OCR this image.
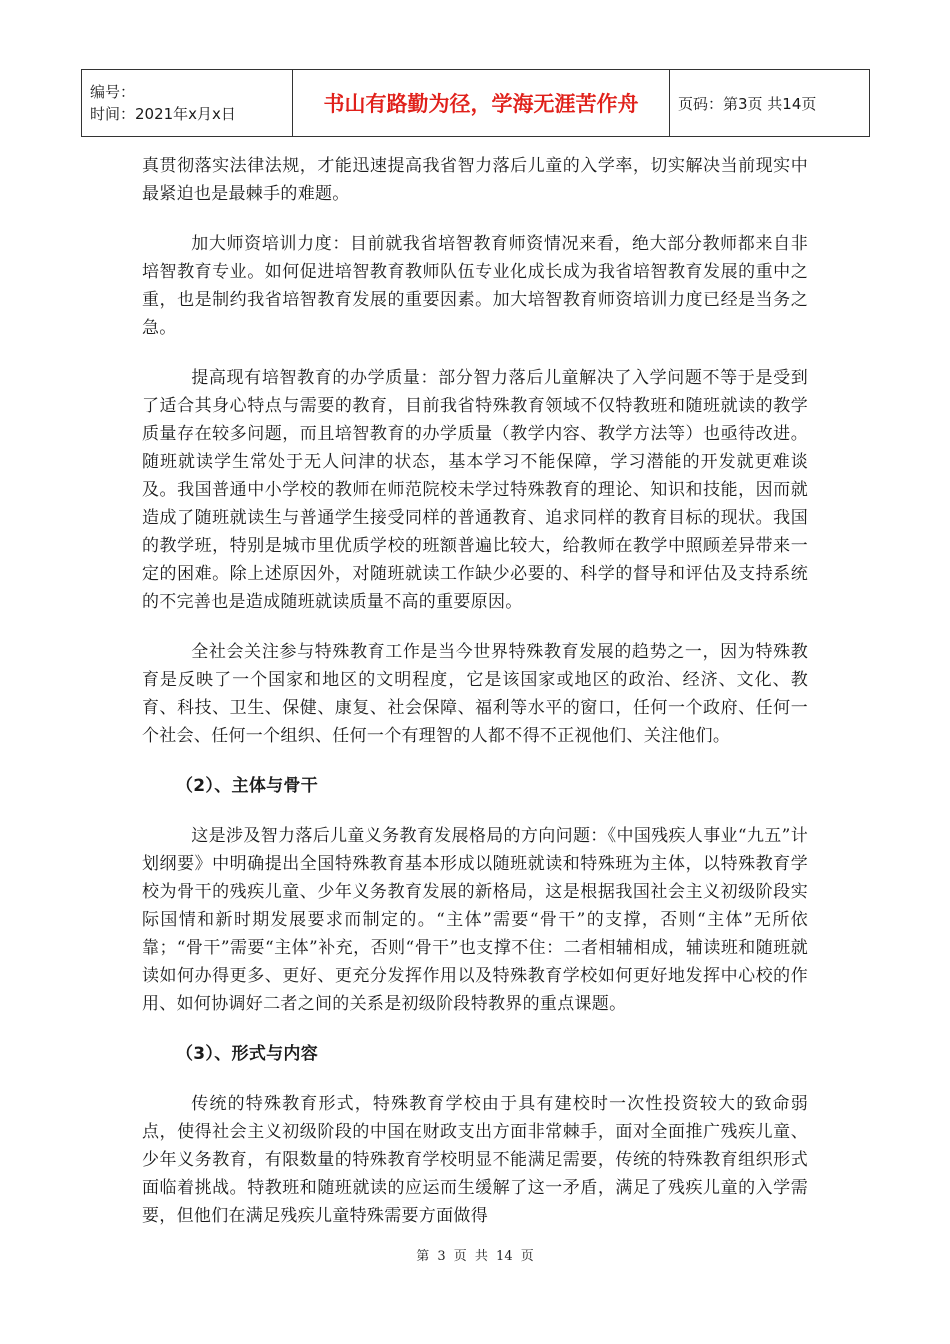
编号：
时间：2021年x月x日	书山有路勤为径，学海无涯苦作舟	页码：第3页 共14页

真贯彻落实法律法规，才能迅速提高我省智力落后儿童的入学率，切实解决当前现实中最紧迫也是最棘手的难题。

加大师资培训力度：目前就我省培智教育师资情况来看，绝大部分教师都来自非培智教育专业。如何促进培智教育教师队伍专业化成长成为我省培智教育发展的重中之重，也是制约我省培智教育发展的重要因素。加大培智教育师资培训力度已经是当务之急。

提高现有培智教育的办学质量：部分智力落后儿童解决了入学问题不等于是受到了适合其身心特点与需要的教育，目前我省特殊教育领域不仅特教班和随班就读的教学质量存在较多问题，而且培智教育的办学质量（教学内容、教学方法等）也亟待改进。随班就读学生常处于无人问津的状态，基本学习不能保障，学习潜能的开发就更难谈及。我国普通中小学校的教师在师范院校未学过特殊教育的理论、知识和技能，因而就造成了随班就读生与普通学生接受同样的普通教育、追求同样的教育目标的现状。我国的教学班，特别是城市里优质学校的班额普遍比较大，给教师在教学中照顾差异带来一定的困难。除上述原因外，对随班就读工作缺少必要的、科学的督导和评估及支持系统的不完善也是造成随班就读质量不高的重要原因。

全社会关注参与特殊教育工作是当今世界特殊教育发展的趋势之一，因为特殊教育是反映了一个国家和地区的文明程度，它是该国家或地区的政治、经济、文化、教育、科技、卫生、保健、康复、社会保障、福利等水平的窗口，任何一个政府、任何一个社会、任何一个组织、任何一个有理智的人都不得不正视他们、关注他们。

（2）、主体与骨干

这是涉及智力落后儿童义务教育发展格局的方向问题：《中国残疾人事业“九五”计划纲要》中明确提出全国特殊教育基本形成以随班就读和特殊班为主体，以特殊教育学校为骨干的残疾儿童、少年义务教育发展的新格局，这是根据我国社会主义初级阶段实际国情和新时期发展要求而制定的。“主体”需要“骨干”的支撑，否则“主体”无所依靠；“骨干”需要“主体”补充，否则“骨干”也支撑不住：二者相辅相成，辅读班和随班就读如何办得更多、更好、更充分发挥作用以及特殊教育学校如何更好地发挥中心校的作用、如何协调好二者之间的关系是初级阶段特教界的重点课题。

（3）、形式与内容

传统的特殊教育形式，特殊教育学校由于具有建校时一次性投资较大的致命弱点，使得社会主义初级阶段的中国在财政支出方面非常棘手，面对全面推广残疾儿童、少年义务教育，有限数量的特殊教育学校明显不能满足需要，传统的特殊教育组织形式面临着挑战。特教班和随班就读的应运而生缓解了这一矛盾，满足了残疾儿童的入学需要，但他们在满足残疾儿童特殊需要方面做得

第 3 页 共 14 页
